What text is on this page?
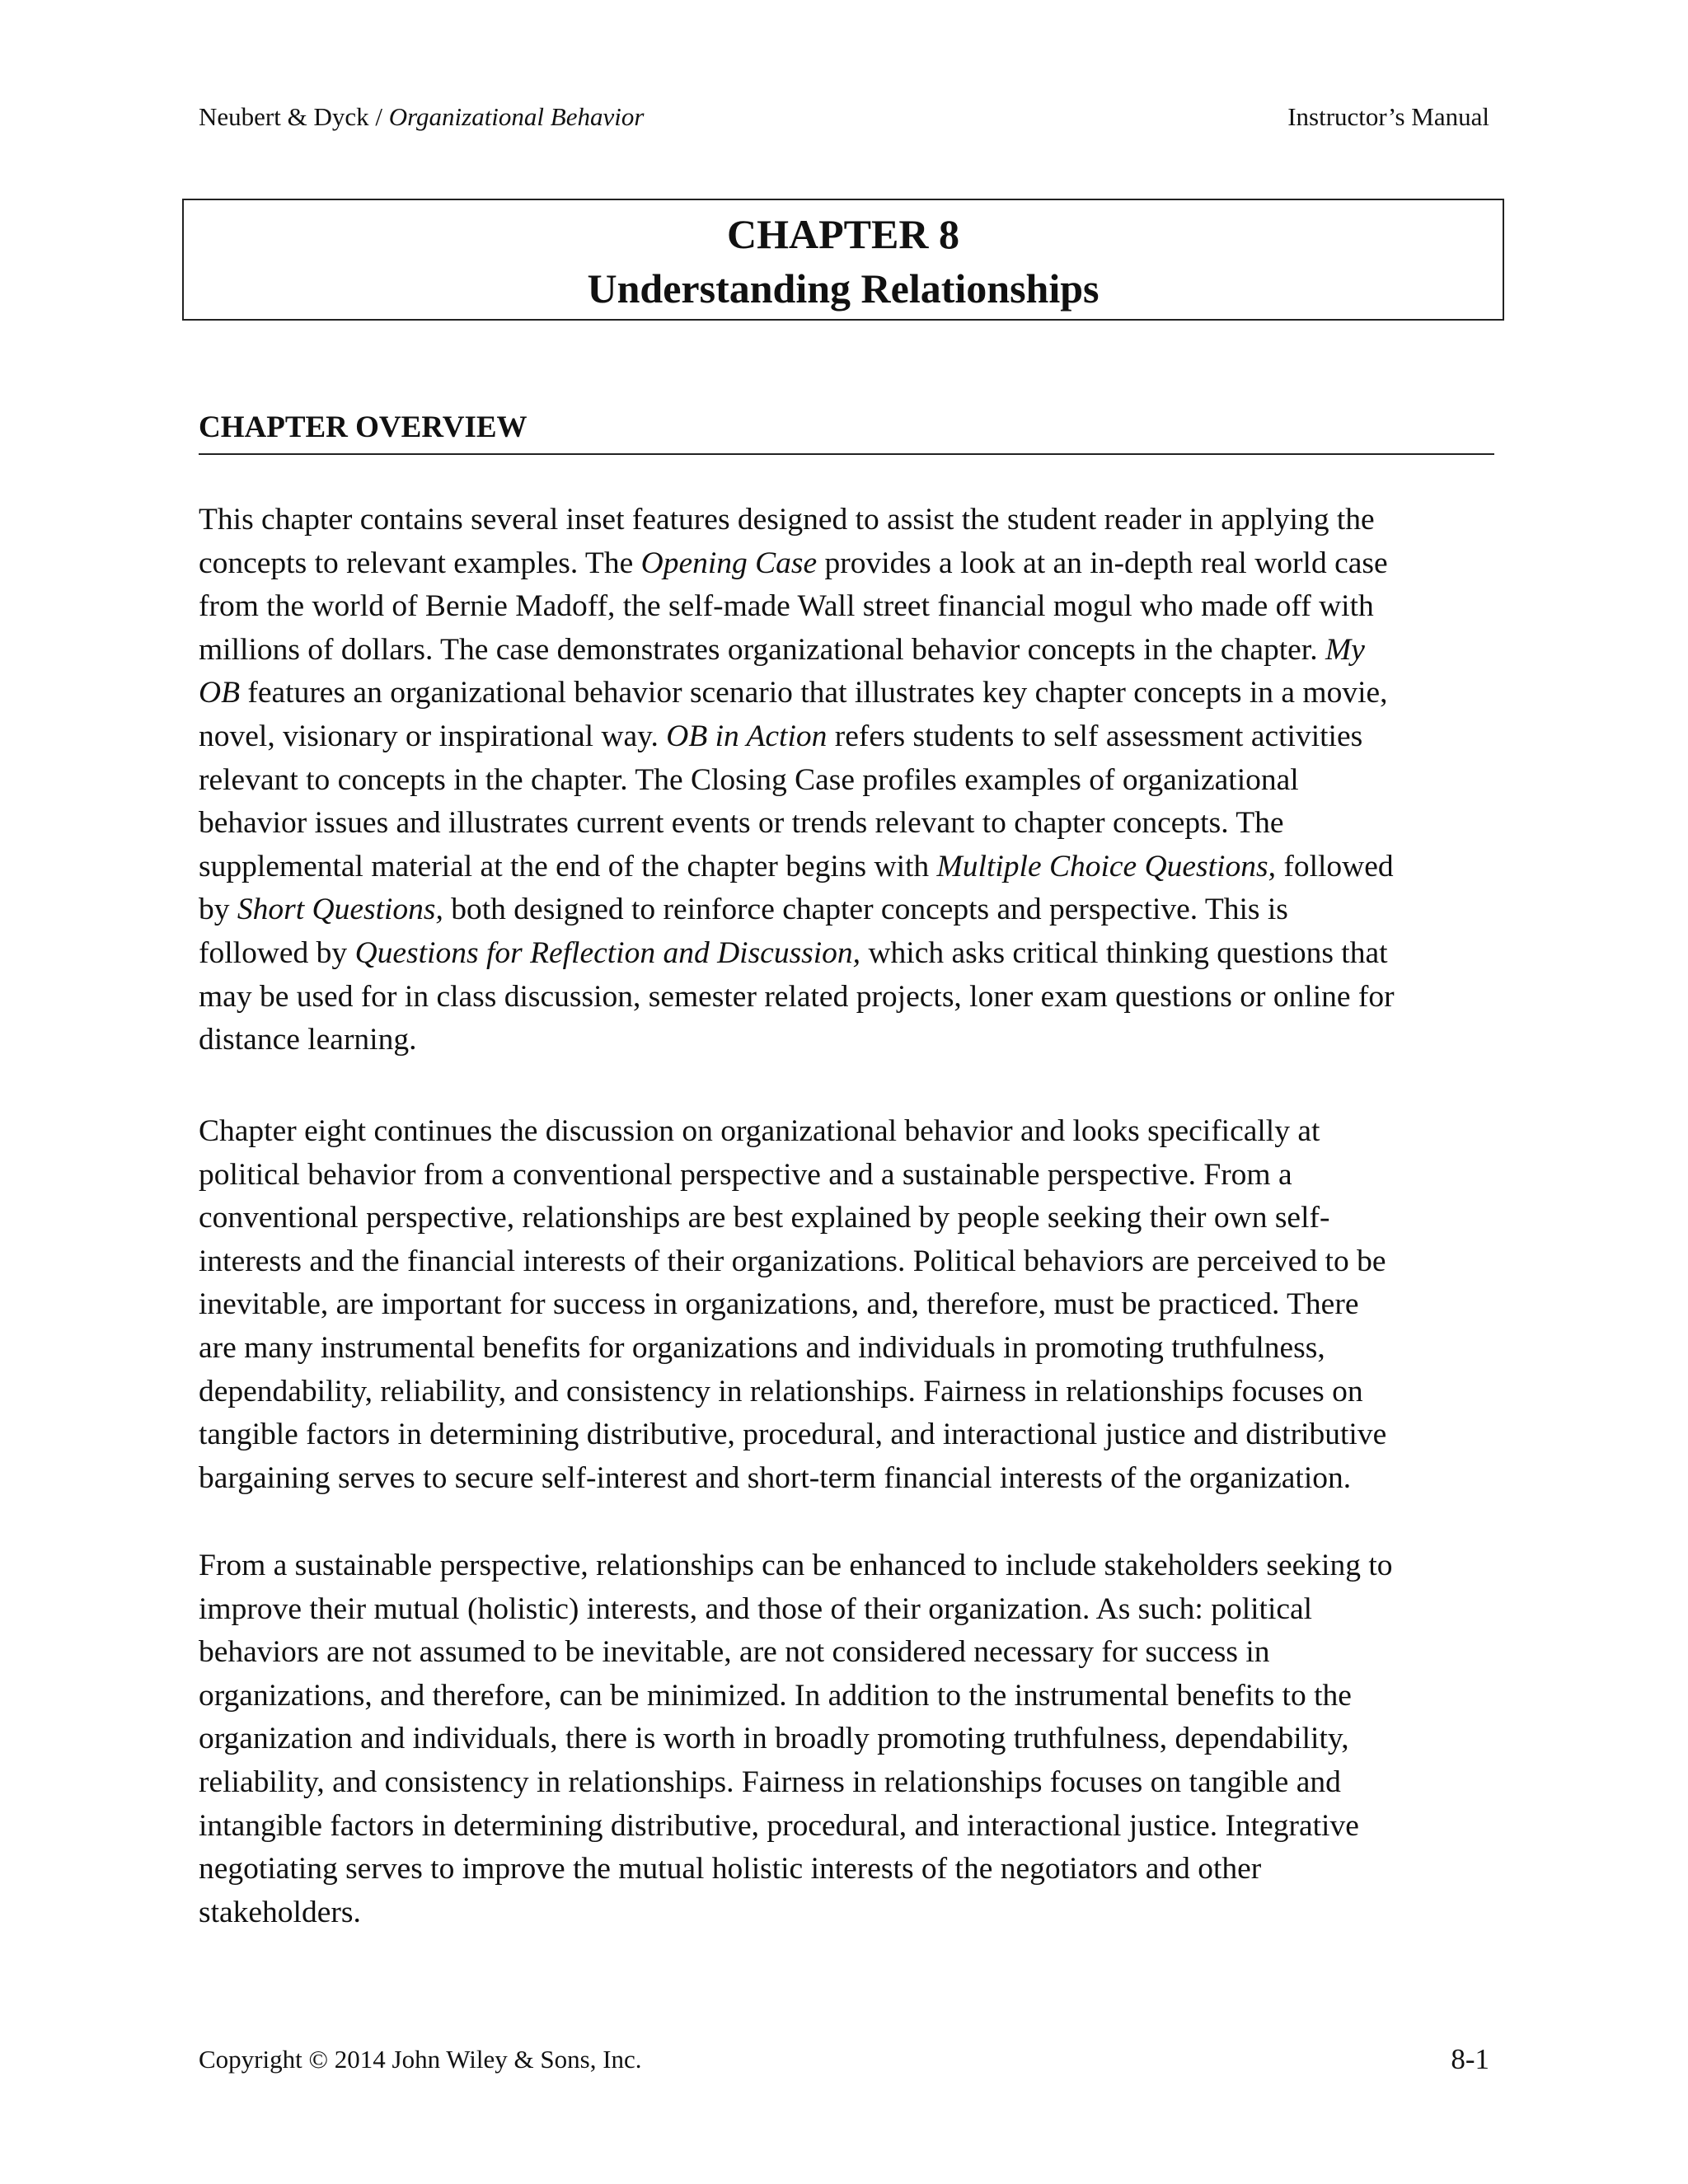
Neubert & Dyck / Organizational Behavior	Instructor’s Manual
CHAPTER 8
Understanding Relationships
CHAPTER OVERVIEW
This chapter contains several inset features designed to assist the student reader in applying the
concepts to relevant examples. The Opening Case provides a look at an in-depth real world case
from the world of Bernie Madoff, the self-made Wall street financial mogul who made off with
millions of dollars. The case demonstrates organizational behavior concepts in the chapter. My
OB features an organizational behavior scenario that illustrates key chapter concepts in a movie,
novel, visionary or inspirational way. OB in Action refers students to self assessment activities
relevant to concepts in the chapter. The Closing Case profiles examples of organizational
behavior issues and illustrates current events or trends relevant to chapter concepts. The
supplemental material at the end of the chapter begins with Multiple Choice Questions, followed
by Short Questions, both designed to reinforce chapter concepts and perspective. This is
followed by Questions for Reflection and Discussion, which asks critical thinking questions that
may be used for in class discussion, semester related projects, loner exam questions or online for
distance learning.
Chapter eight continues the discussion on organizational behavior and looks specifically at
political behavior from a conventional perspective and a sustainable perspective. From a
conventional perspective, relationships are best explained by people seeking their own self-
interests and the financial interests of their organizations. Political behaviors are perceived to be
inevitable, are important for success in organizations, and, therefore, must be practiced. There
are many instrumental benefits for organizations and individuals in promoting truthfulness,
dependability, reliability, and consistency in relationships. Fairness in relationships focuses on
tangible factors in determining distributive, procedural, and interactional justice and distributive
bargaining serves to secure self-interest and short-term financial interests of the organization.
From a sustainable perspective, relationships can be enhanced to include stakeholders seeking to
improve their mutual (holistic) interests, and those of their organization. As such: political
behaviors are not assumed to be inevitable, are not considered necessary for success in
organizations, and therefore, can be minimized. In addition to the instrumental benefits to the
organization and individuals, there is worth in broadly promoting truthfulness, dependability,
reliability, and consistency in relationships. Fairness in relationships focuses on tangible and
intangible factors in determining distributive, procedural, and interactional justice. Integrative
negotiating serves to improve the mutual holistic interests of the negotiators and other
stakeholders.
Copyright © 2014 John Wiley & Sons, Inc.	8-1
